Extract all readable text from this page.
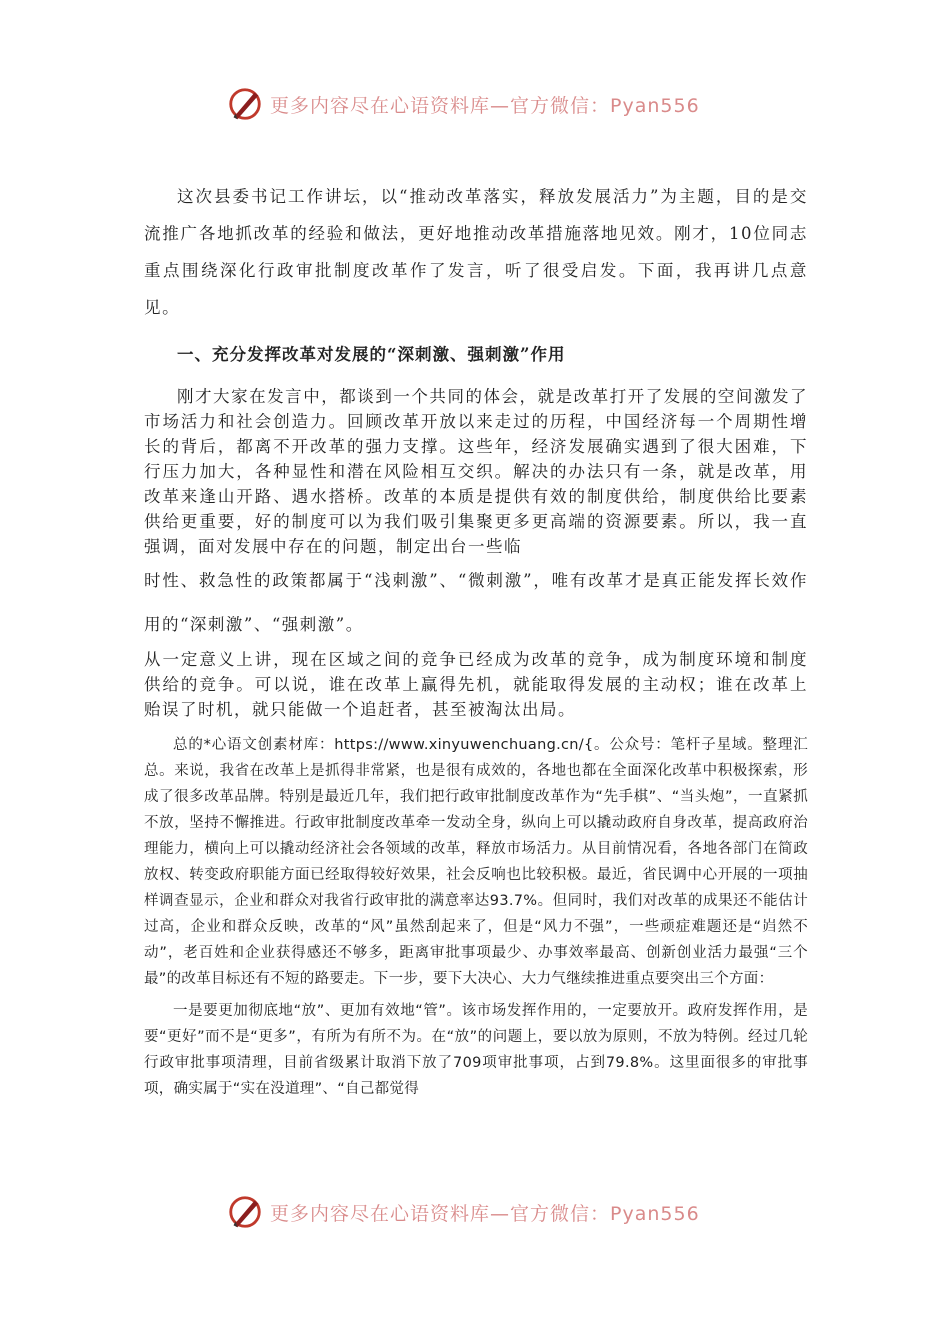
更多内容尽在心语资料库—官方微信：Pyan556

这次县委书记工作讲坛，以“推动改革落实，释放发展活力”为主题，目的是交流推广各地抓改革的经验和做法，更好地推动改革措施落地见效。刚才，10位同志重点围绕深化行政审批制度改革作了发言，听了很受启发。下面，我再讲几点意见。

一、充分发挥改革对发展的“深刺激、强刺激”作用

刚才大家在发言中，都谈到一个共同的体会，就是改革打开了发展的空间激发了市场活力和社会创造力。回顾改革开放以来走过的历程，中国经济每一个周期性增长的背后，都离不开改革的强力支撑。这些年，经济发展确实遇到了很大困难，下行压力加大，各种显性和潜在风险相互交织。解决的办法只有一条，就是改革，用改革来逢山开路、遇水搭桥。改革的本质是提供有效的制度供给，制度供给比要素供给更重要，好的制度可以为我们吸引集聚更多更高端的资源要素。所以，我一直强调，面对发展中存在的问题，制定出台一些临

时性、救急性的政策都属于“浅刺激”、“微刺激”，唯有改革才是真正能发挥长效作用的“深刺激”、“强刺激”。

从一定意义上讲，现在区域之间的竞争已经成为改革的竞争，成为制度环境和制度供给的竞争。可以说，谁在改革上赢得先机，就能取得发展的主动权；谁在改革上贻误了时机，就只能做一个追赶者，甚至被淘汰出局。

总的*心语文创素材库：https://www.xinyuwenchuang.cn/{。公众号：笔杆子星域。整理汇总。来说，我省在改革上是抓得非常紧，也是很有成效的，各地也都在全面深化改革中积极探索，形成了很多改革品牌。特别是最近几年，我们把行政审批制度改革作为“先手棋”、“当头炮”，一直紧抓不放，坚持不懈推进。行政审批制度改革牵一发动全身，纵向上可以撬动政府自身改革，提高政府治理能力，横向上可以撬动经济社会各领域的改革，释放市场活力。从目前情况看，各地各部门在简政放权、转变政府职能方面已经取得较好效果，社会反响也比较积极。最近，省民调中心开展的一项抽样调查显示，企业和群众对我省行政审批的满意率达93.7%。但同时，我们对改革的成果还不能估计过高，企业和群众反映，改革的“风”虽然刮起来了，但是“风力不强”，一些顽症难题还是“岿然不动”，老百姓和企业获得感还不够多，距离审批事项最少、办事效率最高、创新创业活力最强“三个最”的改革目标还有不短的路要走。下一步，要下大决心、大力气继续推进重点要突出三个方面：

一是要更加彻底地“放”、更加有效地“管”。该市场发挥作用的，一定要放开。政府发挥作用，是要“更好”而不是“更多”，有所为有所不为。在“放”的问题上，要以放为原则，不放为特例。经过几轮行政审批事项清理，目前省级累计取消下放了709项审批事项，占到79.8%。这里面很多的审批事项，确实属于“实在没道理”、“自己都觉得

更多内容尽在心语资料库—官方微信：Pyan556
